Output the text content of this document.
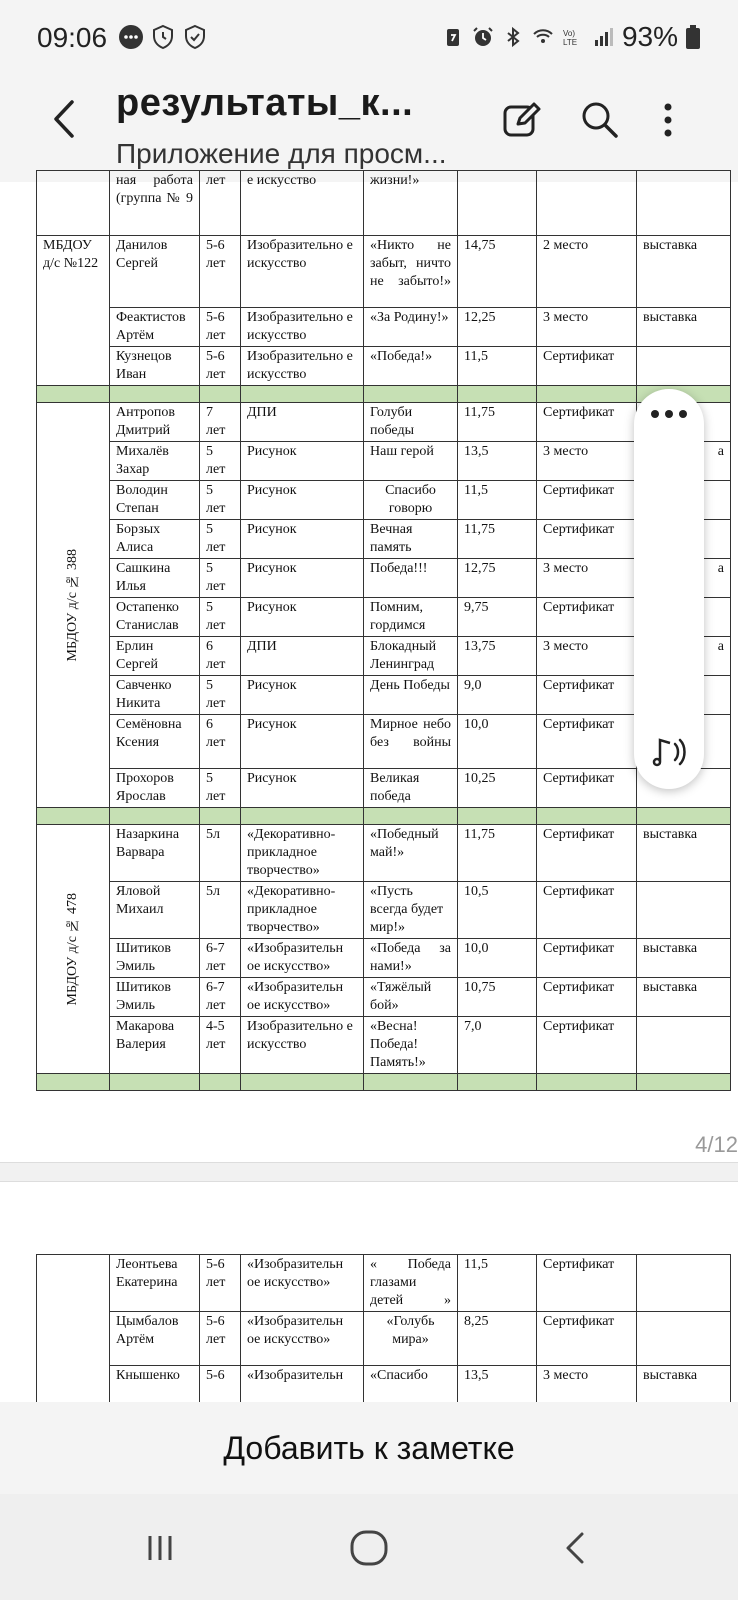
09:06	Vo)
LTE 93%
результаты_к...
Приложение для просм...
	ная работа (группа № 9	лет	е искусство	жизни!»			
МБДОУ д/с №122	Данилов Сергей	5-6 лет	Изобразительно е искусство	«Никто не забыт, ничто не забыто!»	14,75	2 место	выставка
	Феактистов Артём	5-6 лет	Изобразительно е искусство	«За Родину!»	12,25	3 место	выставка
	Кузнецов Иван	5-6 лет	Изобразительно е искусство	«Победа!»	11,5	Сертификат	

МБДОУ д/с № 388	Антропов Дмитрий	7 лет	ДПИ	Голуби победы	11,75	Сертификат	
	Михалёв Захар	5 лет	Рисунок	Наш герой	13,5	3 место	а
	Володин Степан	5 лет	Рисунок	Спасибо говорю	11,5	Сертификат	
	Борзых Алиса	5 лет	Рисунок	Вечная память	11,75	Сертификат	
	Сашкина Илья	5 лет	Рисунок	Победа!!!	12,75	3 место	а
	Остапенко Станислав	5 лет	Рисунок	Помним, гордимся	9,75	Сертификат	
	Ерлин Сергей	6 лет	ДПИ	Блокадный Ленинград	13,75	3 место	а
	Савченко Никита	5 лет	Рисунок	День Победы	9,0	Сертификат	
	Семёновна Ксения	6 лет	Рисунок	Мирное небо без войны	10,0	Сертификат	
	Прохоров Ярослав	5 лет	Рисунок	Великая победа	10,25	Сертификат	

МБДОУ д/с № 478	Назаркина Варвара	5л	«Декоративно-прикладное творчество»	«Победный май!»	11,75	Сертификат	выставка
	Яловой Михаил	5л	«Декоративно-прикладное творчество»	«Пусть всегда будет мир!»	10,5	Сертификат	
	Шитиков Эмиль	6-7 лет	«Изобразительн ое искусство»	«Победа за нами!»	10,0	Сертификат	выставка
	Шитиков Эмиль	6-7 лет	«Изобразительн ое искусство»	«Тяжёлый бой»	10,75	Сертификат	выставка
	Макарова Валерия	4-5 лет	Изобразительно е искусство	«Весна! Победа! Память!»	7,0	Сертификат	

4/12
	Леонтьева Екатерина	5-6 лет	«Изобразительн ое искусство»	« Победа глазами детей »	11,5	Сертификат	
	Цымбалов Артём	5-6 лет	«Изобразительн ое искусство»	«Голубь мира»	8,25	Сертификат	
	Кнышенко	5-6	«Изобразительн	«Спасибо	13,5	3 место	выставка
Добавить к заметке
